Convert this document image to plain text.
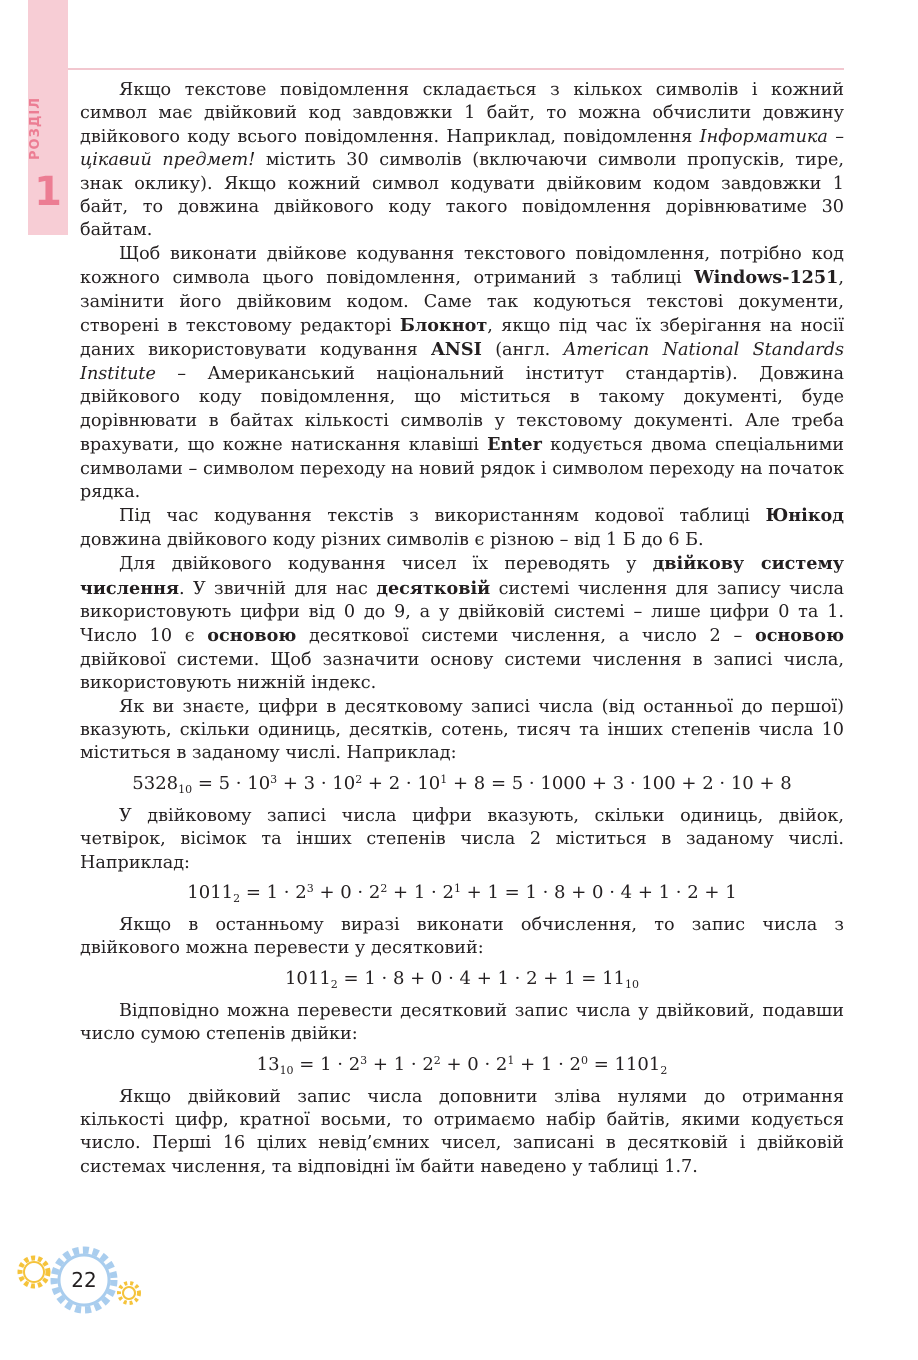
РОЗДІЛ
1

Якщо текстове повідомлення складається з кількох символів і кожний символ має двійковий код завдовжки 1 байт, то можна обчислити довжину двійкового коду всього повідомлення. Наприклад, повідомлення Інформатика – цікавий предмет! містить 30 символів (включаючи символи пропусків, тире, знак оклику). Якщо кожний символ кодувати двійковим кодом завдовжки 1 байт, то довжина двійкового коду такого повідомлення дорівнюватиме 30 байтам.

Щоб виконати двійкове кодування текстового повідомлення, потрібно код кожного символа цього повідомлення, отриманий з таблиці Windows-1251, замінити його двійковим кодом. Саме так кодуються текстові документи, створені в текстовому редакторі Блокнот, якщо під час їх зберігання на носії даних використовувати кодування ANSI (англ. American National Standards Institute – Американський національний інститут стандартів). Довжина двійкового коду повідомлення, що міститься в такому документі, буде дорівнювати в байтах кількості символів у текстовому документі. Але треба врахувати, що кожне натискання клавіші Enter кодується двома спеціальними символами – символом переходу на новий рядок і символом переходу на початок рядка.

Під час кодування текстів з використанням кодової таблиці Юнікод довжина двійкового коду різних символів є різною – від 1 Б до 6 Б.

Для двійкового кодування чисел їх переводять у двійкову систему числення. У звичній для нас десятковій системі числення для запису числа використовують цифри від 0 до 9, а у двійковій системі – лише цифри 0 та 1. Число 10 є основою десяткової системи числення, а число 2 – основою двійкової системи. Щоб зазначити основу системи числення в записі числа, використовують нижній індекс.

Як ви знаєте, цифри в десятковому записі числа (від останньої до першої) вказують, скільки одиниць, десятків, сотень, тисяч та інших степенів числа 10 міститься в заданому числі. Наприклад:

$5328_{10} = 5 \cdot 10^3 + 3 \cdot 10^2 + 2 \cdot 10^1 + 8 = 5 \cdot 1000 + 3 \cdot 100 + 2 \cdot 10 + 8$

У двійковому записі числа цифри вказують, скільки одиниць, двійок, четвірок, вісімок та інших степенів числа 2 міститься в заданому числі. Наприклад:

$1011_2 = 1 \cdot 2^3 + 0 \cdot 2^2 + 1 \cdot 2^1 + 1 = 1 \cdot 8 + 0 \cdot 4 + 1 \cdot 2 + 1$

Якщо в останньому виразі виконати обчислення, то запис числа з двійкового можна перевести у десятковий:

$1011_2 = 1 \cdot 8 + 0 \cdot 4 + 1 \cdot 2 + 1 = 11_{10}$

Відповідно можна перевести десятковий запис числа у двійковий, подавши число сумою степенів двійки:

$13_{10} = 1 \cdot 2^3 + 1 \cdot 2^2 + 0 \cdot 2^1 + 1 \cdot 2^0 = 1101_2$

Якщо двійковий запис числа доповнити зліва нулями до отримання кількості цифр, кратної восьми, то отримаємо набір байтів, якими кодується число. Перші 16 цілих невід’ємних чисел, записані в десятковій і двійковій системах числення, та відповідні їм байти наведено у таблиці 1.7.

22
